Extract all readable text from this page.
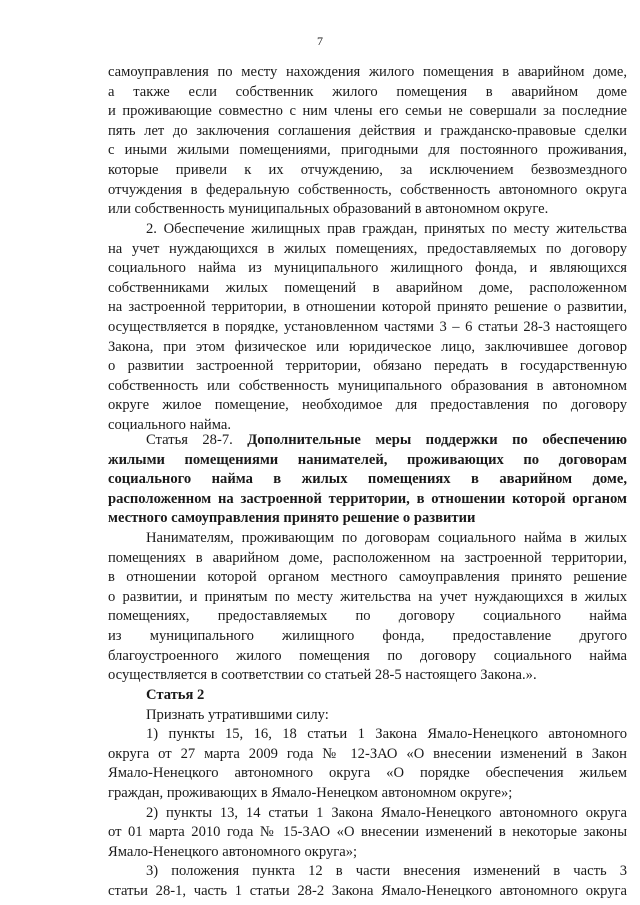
7
самоуправления по месту нахождения жилого помещения в аварийном доме,
а также если собственник жилого помещения в аварийном доме
и проживающие совместно с ним члены его семьи не совершали за последние
пять лет до заключения соглашения действия и гражданско-правовые сделки
с иными жилыми помещениями, пригодными для постоянного проживания,
которые привели к их отчуждению, за исключением безвозмездного
отчуждения в федеральную собственность, собственность автономного округа
или собственность муниципальных образований в автономном округе.
2. Обеспечение жилищных прав граждан, принятых по месту жительства
на учет нуждающихся в жилых помещениях, предоставляемых по договору
социального найма из муниципального жилищного фонда, и являющихся
собственниками жилых помещений в аварийном доме, расположенном
на застроенной территории, в отношении которой принято решение о развитии,
осуществляется в порядке, установленном частями 3 – 6 статьи 28-3 настоящего
Закона, при этом физическое или юридическое лицо, заключившее договор
о развитии застроенной территории, обязано передать в государственную
собственность или собственность муниципального образования в автономном
округе жилое помещение, необходимое для предоставления по договору
социального найма.
Статья 28-7. Дополнительные меры поддержки по обеспечению
жилыми помещениями нанимателей, проживающих по договорам
социального найма в жилых помещениях в аварийном доме,
расположенном на застроенной территории, в отношении которой органом
местного самоуправления принято решение о развитии
Нанимателям, проживающим по договорам социального найма в жилых
помещениях в аварийном доме, расположенном на застроенной территории,
в отношении которой органом местного самоуправления принято решение
о развитии, и принятым по месту жительства на учет нуждающихся в жилых
помещениях, предоставляемых по договору социального найма
из муниципального жилищного фонда, предоставление другого
благоустроенного жилого помещения по договору социального найма
осуществляется в соответствии со статьей 28-5 настоящего Закона.».
Статья 2
Признать утратившими силу:
1) пункты 15, 16, 18 статьи 1 Закона Ямало-Ненецкого автономного
округа от 27 марта 2009 года № 12-ЗАО «О внесении изменений в Закон
Ямало-Ненецкого автономного округа «О порядке обеспечения жильем
граждан, проживающих в Ямало-Ненецком автономном округе»;
2) пункты 13, 14 статьи 1 Закона Ямало-Ненецкого автономного округа
от 01 марта 2010 года № 15-ЗАО «О внесении изменений в некоторые законы
Ямало-Ненецкого автономного округа»;
3) положения пункта 12 в части внесения изменений в часть 3
статьи 28-1, часть 1 статьи 28-2 Закона Ямало-Ненецкого автономного округа
